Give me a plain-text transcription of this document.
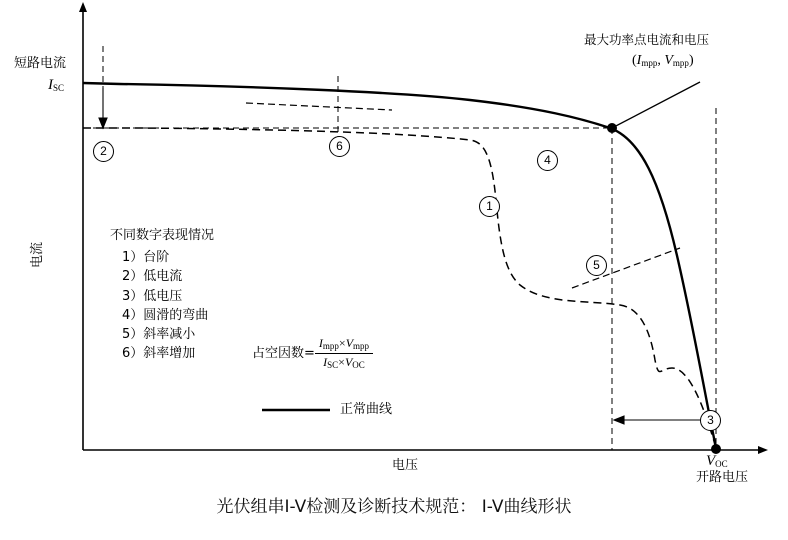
短路电流
$I_{SC}$
电流
电压	$V_{OC}$
开路电压
最大功率点电流和电压
($I_{mpp}$, $V_{mpp}$)
不同数字表现情况
1）台阶
2）低电流
3）低电压
4）圆滑的弯曲
5）斜率减小
6）斜率增加
正常曲线
占空因数= $\frac{I_{mpp}\times V_{mpp}}{I_{SC}\times V_{OC}}$
2	6
1
4
5
3
光伏组串I-V检测及诊断技术规范： I-V曲线形状
